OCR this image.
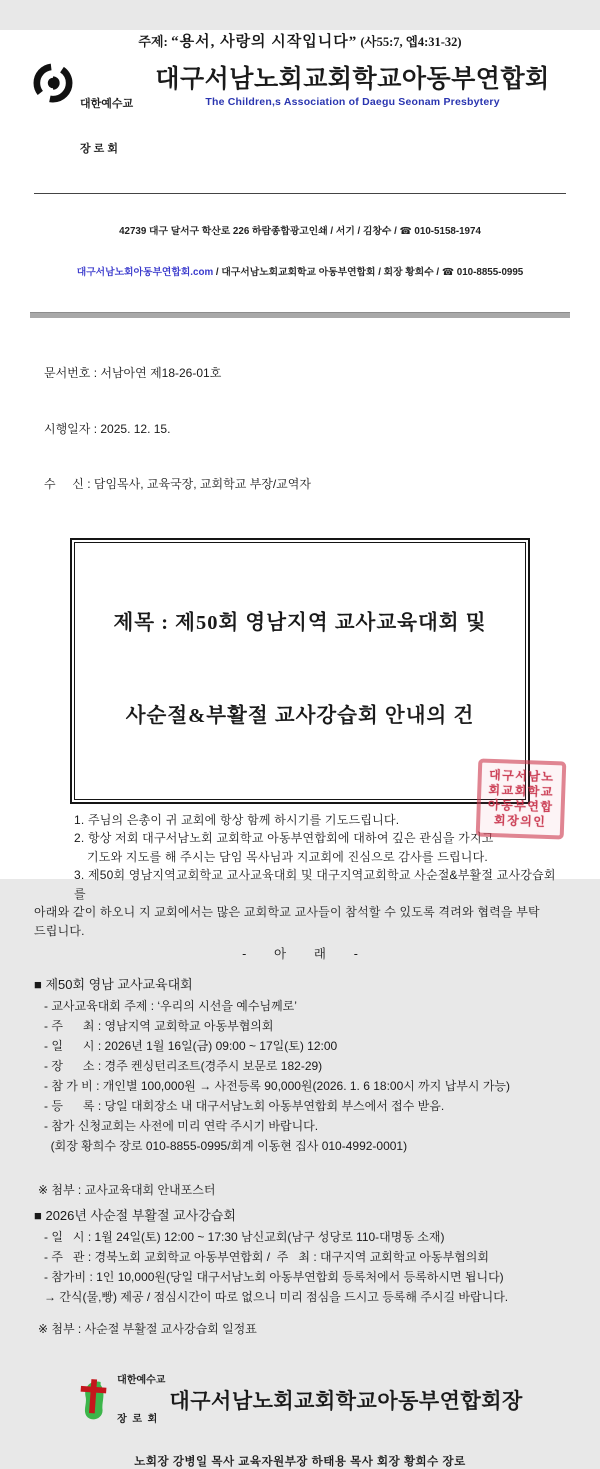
주제: “용서, 사랑의 시작입니다” (사55:7, 엡4:31-32)

대한예수교

장 로 회

대구서남노회교회학교아동부연합회
The Children,s Association of Daegu Seonam Presbytery

42739 대구 달서구 학산로 226 하람종합광고인쇄 / 서기 / 김창수 / ☎ 010-5158-1974

대구서남노회아동부연합회.com / 대구서남노회교회학교 아동부연합회 / 회장 황희수 / ☎ 010-8855-0995

문서번호 : 서남아연 제18-26-01호

시행일자 : 2025. 12. 15.

수     신 : 담임목사, 교육국장, 교회학교 부장/교역자

제목 : 제50회 영남지역 교사교육대회 및

사순절&부활절 교사강습회 안내의 건

1. 주님의 은총이 귀 교회에 항상 함께 하시기를 기도드립니다.
2. 항상 저회 대구서남노회 교회학교 아동부연합회에 대하여 깊은 관심을 가지고
기도와 지도를 해 주시는 담임 목사님과 지교회에 진심으로 감사를 드립니다.
3. 제50회 영남지역교회학교 교사교육대회 및 대구지역교회학교 사순절&부활절 교사강습회를
아래와 같이 하오니 지 교회에서는 많은 교회학교 교사들이 참석할 수 있도록 격려와 협력을 부탁
드립니다.
-        아        래        -
■ 제50회 영남 교사교육대회
- 교사교육대회 주제 : ‘우리의 시선을 예수님께로’
- 주      최 : 영남지역 교회학교 아동부협의회
- 일      시 : 2026년 1월 16일(금) 09:00 ~ 17일(토) 12:00
- 장      소 : 경주 켄싱턴리조트(경주시 보문로 182-29)
- 참 가 비 : 개인별 100,000원 → 사전등록 90,000원(2026. 1. 6 18:00시 까지 납부시 가능)
- 등      록 : 당일 대회장소 내 대구서남노회 아동부연합회 부스에서 접수 받음.
- 참가 신청교회는 사전에 미리 연락 주시기 바랍니다.
(회장 황희수 장로 010-8855-0995/회계 이동현 집사 010-4992-0001)
※ 첨부 : 교사교육대회 안내포스터
■ 2026년 사순절 부활절 교사강습회
- 일   시 : 1월 24일(토) 12:00 ~ 17:30 남신교회(남구 성당로 110-대명동 소재)
- 주   관 : 경북노회 교회학교 아동부연합회 /  주   최 : 대구지역 교회학교 아동부협의회
- 참가비 : 1인 10,000원(당일 대구서남노회 아동부연합회 등록처에서 등록하시면 됩니다)
→ 간식(물,빵) 제공 / 점심시간이 따로 없으니 미리 점심을 드시고 등록해 주시길 바랍니다.
※ 첨부 : 사순절 부활절 교사강습회 일정표

대한예수교

장  로  회

대구서남노회교회학교아동부연합회장
노회장 강병일 목사 교육자원부장 하태용 목사 회장 황희수 장로
대구서남노
회교회학교
아동부연합
회장의인
